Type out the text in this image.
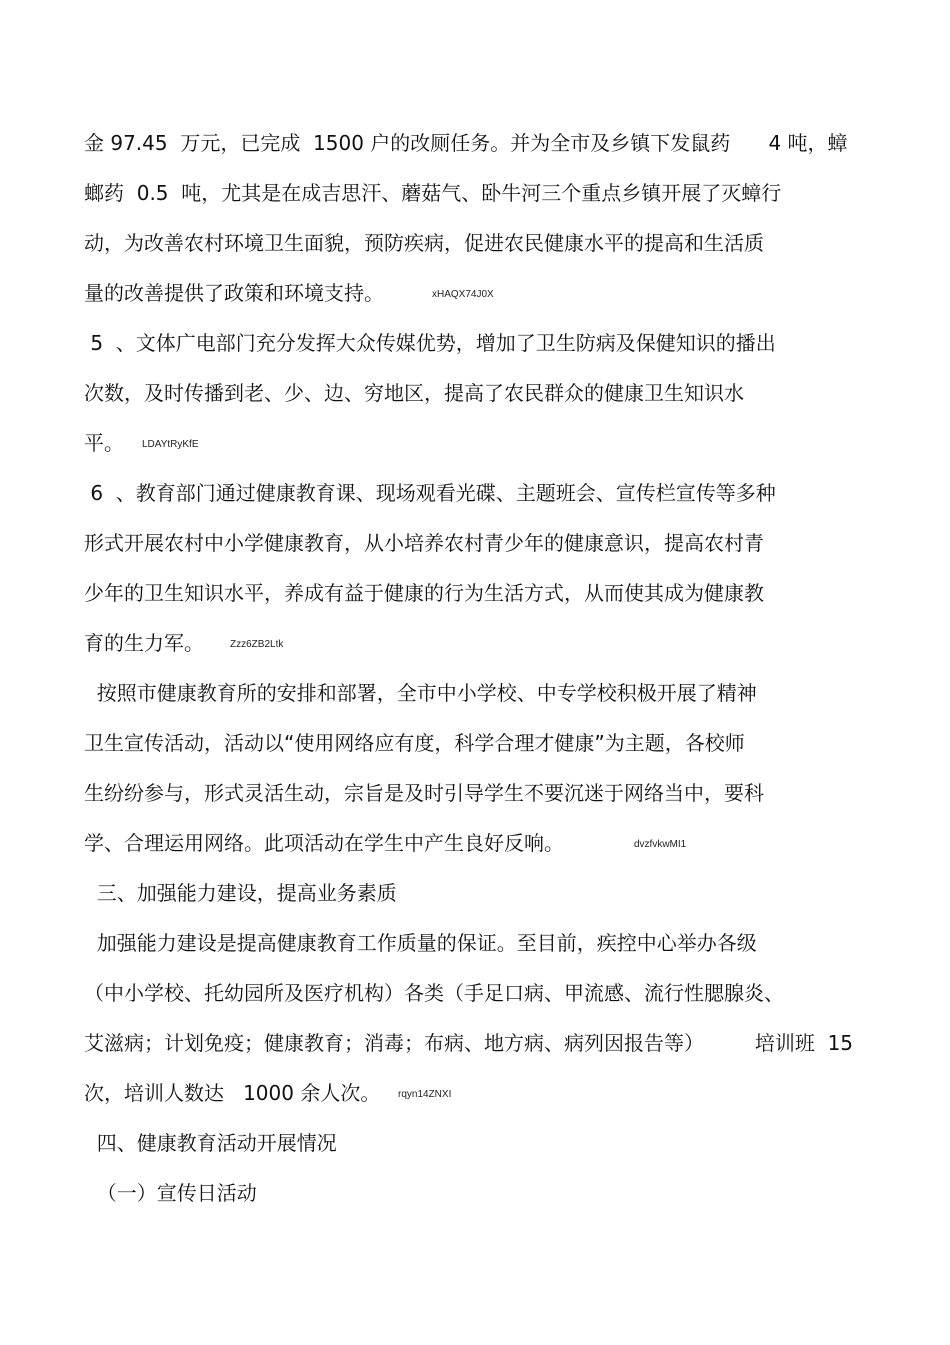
金 97.45  万元，已完成  1500 户的改厕任务。并为全市及乡镇下发鼠药      4 吨，蟑
螂药  0.5  吨，尤其是在成吉思汗、蘑菇气、卧牛河三个重点乡镇开展了灭蟑行
动，为改善农村环境卫生面貌，预防疾病，促进农民健康水平的提高和生活质
量的改善提供了政策和环境支持。	xHAQX74J0X
5  、文体广电部门充分发挥大众传媒优势，增加了卫生防病及保健知识的播出
次数，及时传播到老、少、边、穷地区，提高了农民群众的健康卫生知识水
平。 LDAYtRyKfE
6  、教育部门通过健康教育课、现场观看光碟、主题班会、宣传栏宣传等多种
形式开展农村中小学健康教育，从小培养农村青少年的健康意识，提高农村青
少年的卫生知识水平，养成有益于健康的行为生活方式，从而使其成为健康教
育的生力军。	Zzz6ZB2Ltk
按照市健康教育所的安排和部署，全市中小学校、中专学校积极开展了精神
卫生宣传活动，活动以“使用网络应有度，科学合理才健康”为主题，各校师
生纷纷参与，形式灵活生动，宗旨是及时引导学生不要沉迷于网络当中，要科
学、合理运用网络。此项活动在学生中产生良好反响。	dvzfvkwMI1
三、加强能力建设，提高业务素质
加强能力建设是提高健康教育工作质量的保证。至目前，疾控中心举办各级
（中小学校、托幼园所及医疗机构）各类（手足口病、甲流感、流行性腮腺炎、
艾滋病；计划免疫；健康教育；消毒；布病、地方病、病列因报告等）        培训班  15
次，培训人数达   1000 余人次。 rqyn14ZNXI
四、健康教育活动开展情况
（一）宣传日活动
